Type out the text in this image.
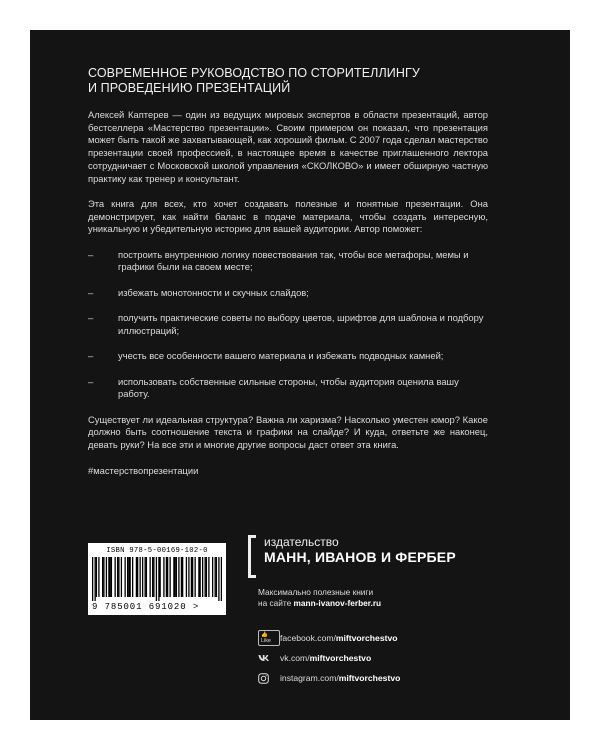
СОВРЕМЕННОЕ РУКОВОДСТВО ПО СТОРИТЕЛЛИНГУ
И ПРОВЕДЕНИЮ ПРЕЗЕНТАЦИЙ

Алексей Каптерев — один из ведущих мировых экспертов в области презентаций, автор бестселлера «Мастерство презентации». Своим примером он показал, что презентация может быть такой же захватывающей, как хороший фильм. С 2007 года сделал мастерство презентации своей профессией, в настоящее время в качестве приглашенного лектора сотрудничает с Московской школой управления «СКОЛКОВО» и имеет обширную частную практику как тренер и консультант.

Эта книга для всех, кто хочет создавать полезные и понятные презентации. Она демонстрирует, как найти баланс в подаче материала, чтобы создать интересную, уникальную и убедительную историю для вашей аудитории. Автор поможет:

–	построить внутреннюю логику повествования так, чтобы все метафоры, мемы и графики были на своем месте;
–	избежать монотонности и скучных слайдов;
–	получить практические советы по выбору цветов, шрифтов для шаблона и подбору иллюстраций;
–	учесть все особенности вашего материала и избежать подводных камней;
–	использовать собственные сильные стороны, чтобы аудитория оценила вашу работу.

Существует ли идеальная структура? Важна ли харизма? Насколько уместен юмор? Какое должно быть соотношение текста и графики на слайде? И куда, ответьте же наконец, девать руки? На все эти и многие другие вопросы даст ответ эта книга.

#мастерствопрезентации
ISBN 978-5-00169-102-0
9 785001 691020 >
издательство
МАНН, ИВАНОВ И ФЕРБЕР
Максимально полезные книги
на сайте mann-ivanov-ferber.ru
👍 Like	facebook.com/ miftvorchestvo
vk.com/ miftvorchestvo
instagram.com/ miftvorchestvo
